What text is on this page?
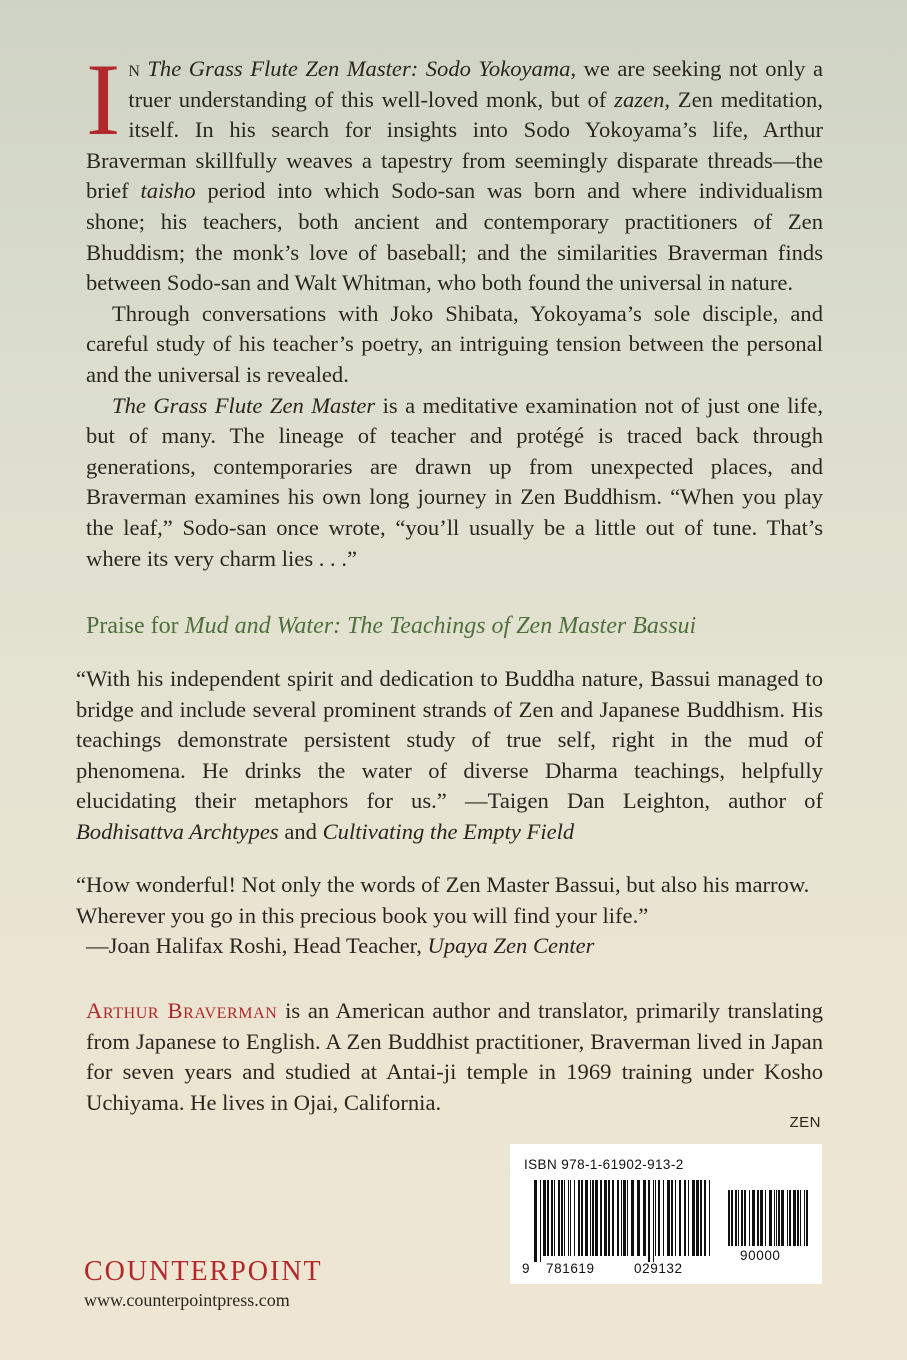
In The Grass Flute Zen Master: Sodo Yokoyama, we are seeking not only a truer understanding of this well-loved monk, but of zazen, Zen meditation, itself. In his search for insights into Sodo Yokoyama’s life, Arthur Braverman skillfully weaves a tapestry from seemingly disparate threads—the brief taisho period into which Sodo-san was born and where individualism shone; his teachers, both ancient and contemporary practitioners of Zen Bhuddism; the monk’s love of baseball; and the similarities Braverman finds between Sodo-san and Walt Whitman, who both found the universal in nature.

Through conversations with Joko Shibata, Yokoyama’s sole disciple, and careful study of his teacher’s poetry, an intriguing tension between the personal and the universal is revealed.

The Grass Flute Zen Master is a meditative examination not of just one life, but of many. The lineage of teacher and protégé is traced back through generations, contemporaries are drawn up from unexpected places, and Braverman examines his own long journey in Zen Buddhism. “When you play the leaf,” Sodo-san once wrote, “you’ll usually be a little out of tune. That’s where its very charm lies . . .”

Praise for Mud and Water: The Teachings of Zen Master Bassui
“With his independent spirit and dedication to Buddha nature, Bassui managed to bridge and include several prominent strands of Zen and Japanese Buddhism. His teachings demonstrate persistent study of true self, right in the mud of phenomena. He drinks the water of diverse Dharma teachings, helpfully elucidating their metaphors for us.” —Taigen Dan Leighton, author of Bodhisattva Archtypes and Cultivating the Empty Field
“How wonderful! Not only the words of Zen Master Bassui, but also his marrow. Wherever you go in this precious book you will find your life.”
—Joan Halifax Roshi, Head Teacher, Upaya Zen Center
Arthur Braverman is an American author and translator, primarily translating from Japanese to English. A Zen Buddhist practitioner, Braverman lived in Japan for seven years and studied at Antai-ji temple in 1969 training under Kosho Uchiyama. He lives in Ojai, California.
ZEN
ISBN 978-1-61902-913-2
9 781619	029132
90000
COUNTERPOINT
www.counterpointpress.com
